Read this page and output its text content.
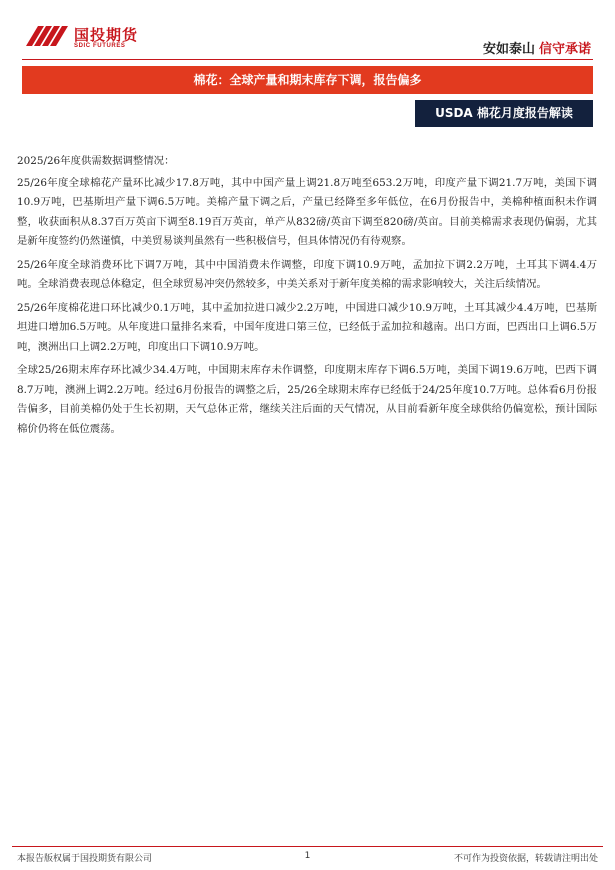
国投期货
SDIC FUTURES	安如泰山 信守承诺
棉花：全球产量和期末库存下调，报告偏多
USDA 棉花月度报告解读

2025/26年度供需数据调整情况：

25/26年度全球棉花产量环比减少17.8万吨，其中中国产量上调21.8万吨至653.2万吨，印度产量下调21.7万吨，美国下调10.9万吨，巴基斯坦产量下调6.5万吨。美棉产量下调之后，产量已经降至多年低位，在6月份报告中，美棉种植面积未作调整，收获面积从8.37百万英亩下调至8.19百万英亩，单产从832磅/英亩下调至820磅/英亩。目前美棉需求表现仍偏弱，尤其是新年度签约仍然谨慎，中美贸易谈判虽然有一些积极信号，但具体情况仍有待观察。

25/26年度全球消费环比下调7万吨，其中中国消费未作调整，印度下调10.9万吨，孟加拉下调2.2万吨，土耳其下调4.4万吨。全球消费表现总体稳定，但全球贸易冲突仍然较多，中美关系对于新年度美棉的需求影响较大，关注后续情况。

25/26年度棉花进口环比减少0.1万吨，其中孟加拉进口减少2.2万吨，中国进口减少10.9万吨，土耳其减少4.4万吨，巴基斯坦进口增加6.5万吨。从年度进口量排名来看，中国年度进口第三位，已经低于孟加拉和越南。出口方面，巴西出口上调6.5万吨，澳洲出口上调2.2万吨，印度出口下调10.9万吨。

全球25/26期末库存环比减少34.4万吨，中国期末库存未作调整，印度期末库存下调6.5万吨，美国下调19.6万吨，巴西下调8.7万吨，澳洲上调2.2万吨。经过6月份报告的调整之后，25/26全球期末库存已经低于24/25年度10.7万吨。总体看6月份报告偏多，目前美棉仍处于生长初期，天气总体正常，继续关注后面的天气情况，从目前看新年度全球供给仍偏宽松，预计国际棉价仍将在低位震荡。

本报告版权属于国投期货有限公司	1	不可作为投资依据，转载请注明出处
